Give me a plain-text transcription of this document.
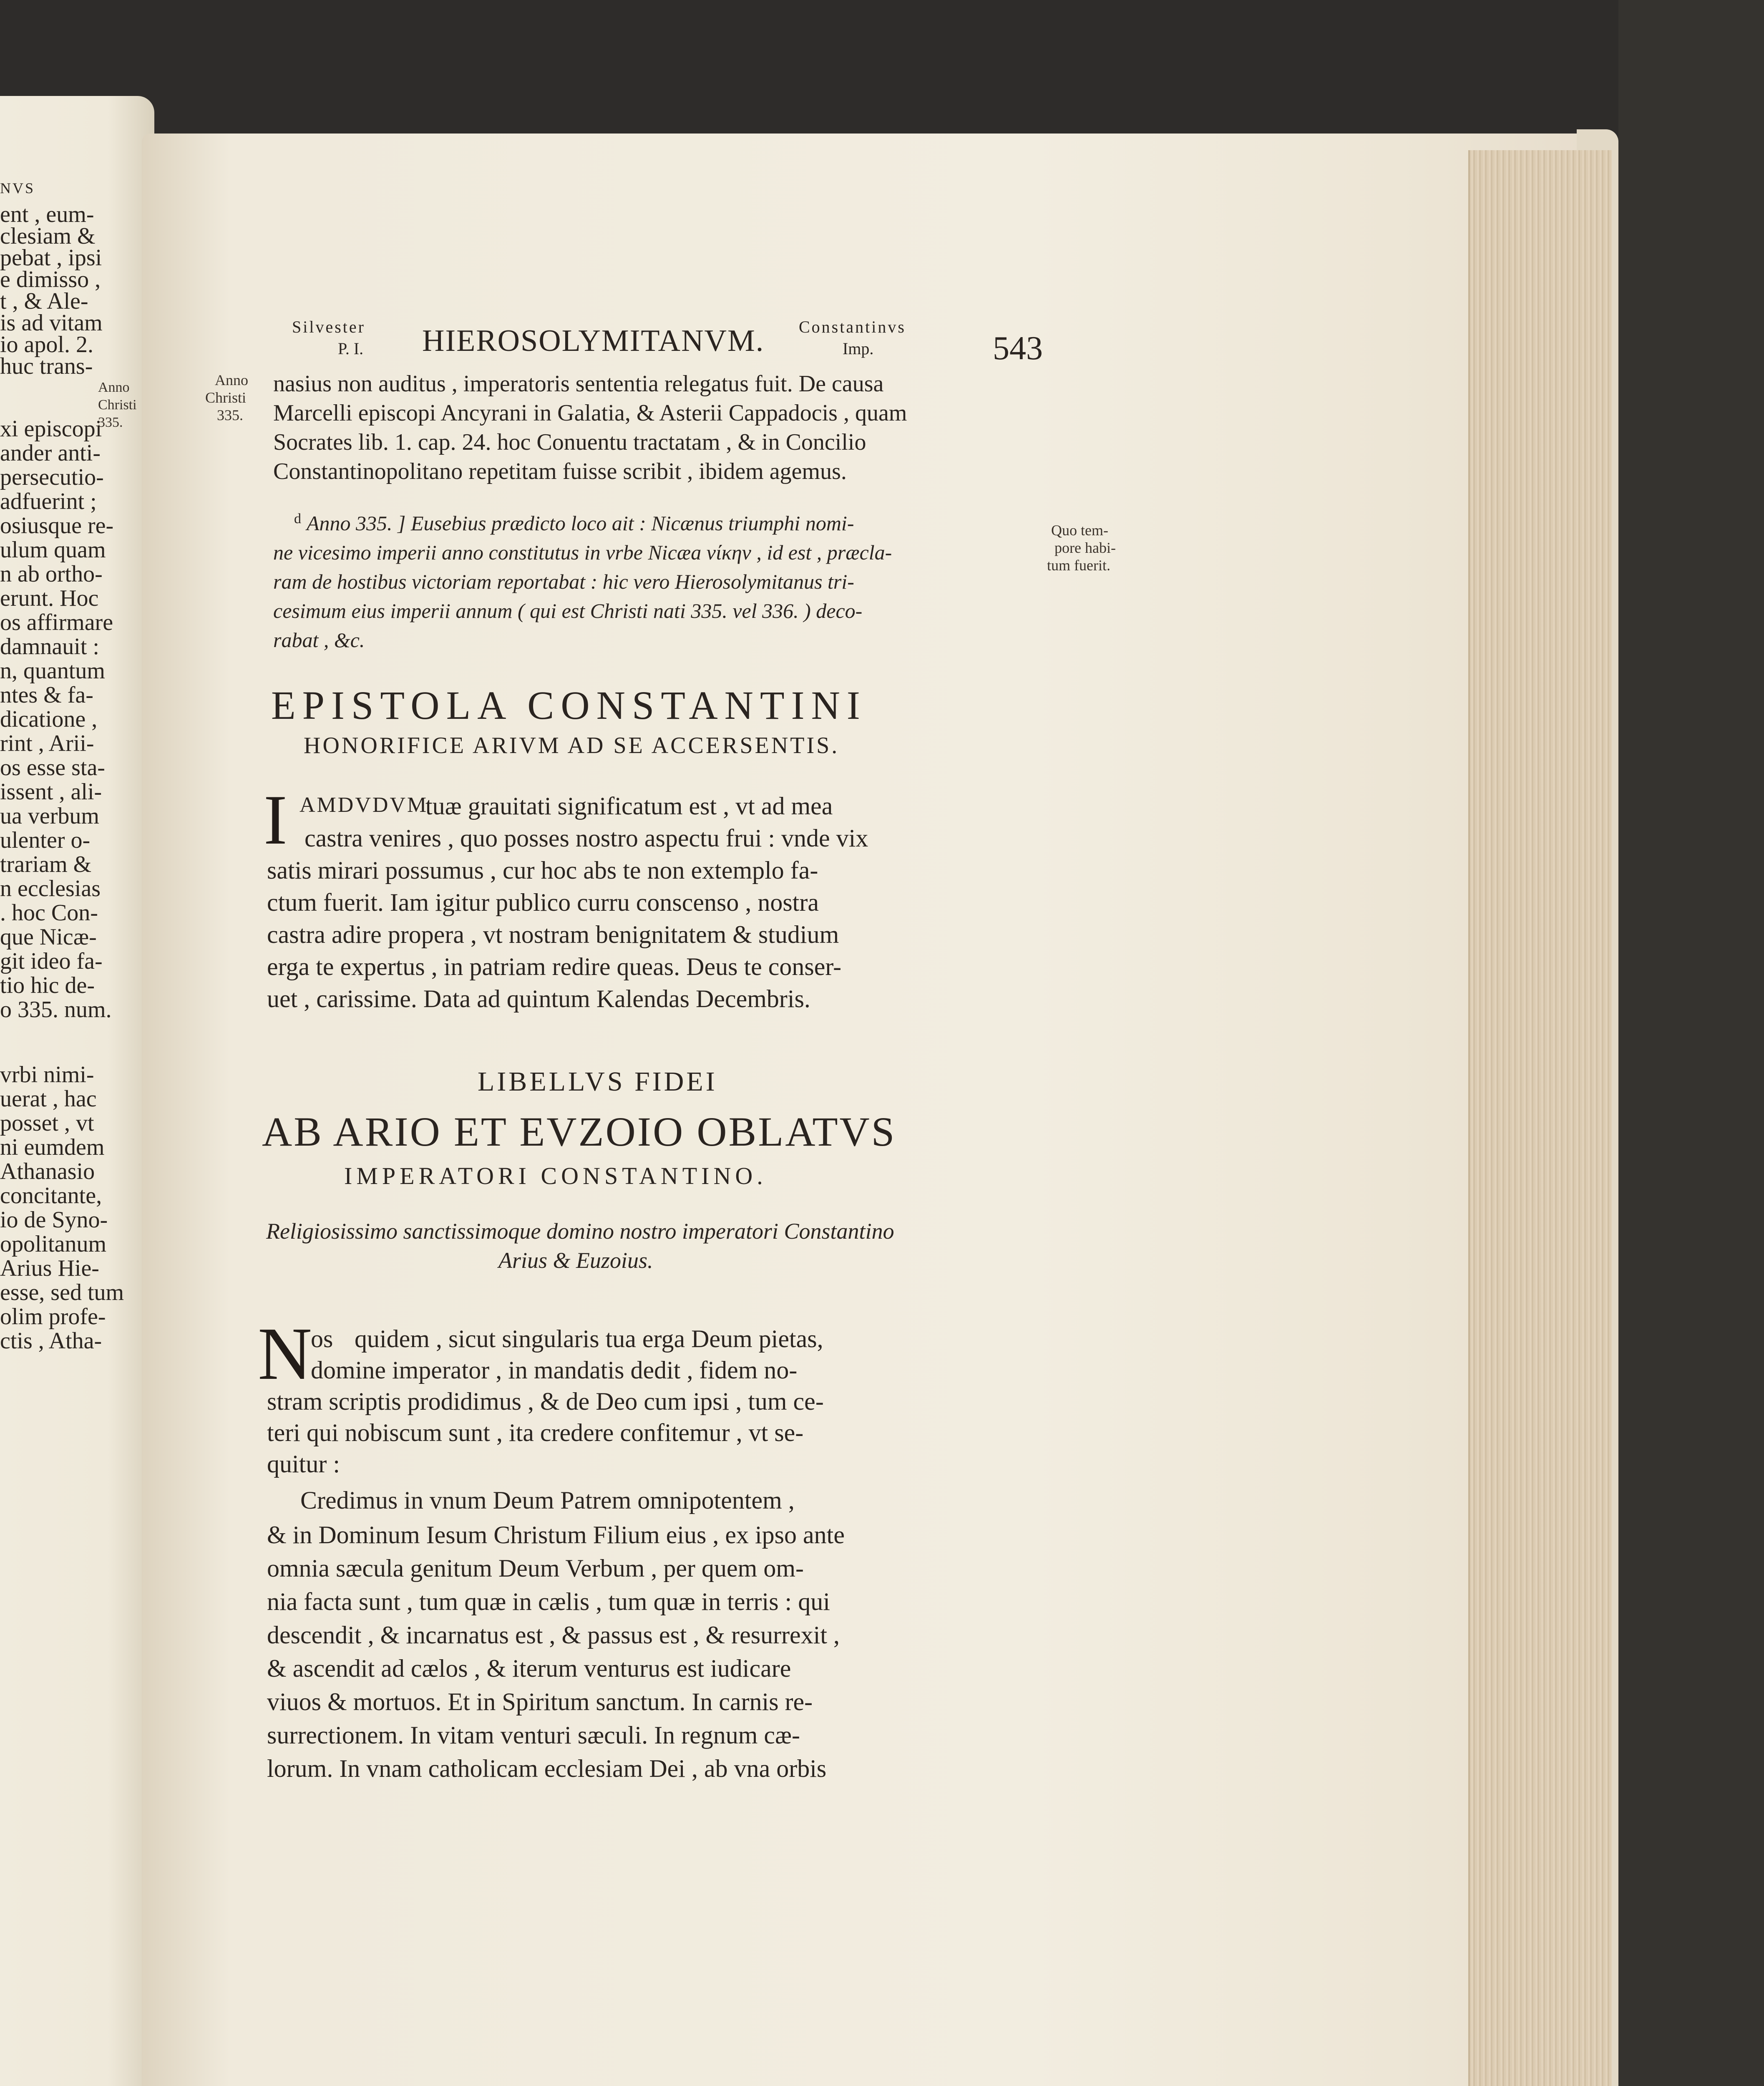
Anno
Christi
335.
NVS
ent , eum-
clesiam &
pebat , ipsi
e dimisso ,
t , & Ale-
is ad vitam
io apol. 2.
huc trans-
xi episcopi
ander anti-
persecutio-
adfuerint ;
osiusque re-
ulum quam
n ab ortho-
erunt. Hoc
os affirmare
damnauit :
n, quantum
ntes & fa-
dicatione ,
rint , Arii-
os esse sta-
issent , ali-
ua verbum
ulenter o-
trariam &
n ecclesias
. hoc Con-
que Nicæ-
git ideo fa-
tio hic de-
o 335. num.
vrbi nimi-
uerat , hac
posset , vt
ni eumdem
Athanasio
concitante,
io de Syno-
opolitanum
Arius Hie-
esse, sed tum
olim profe-
ctis , Atha-
Silvester
P. I. HIEROSOLYMITANVM. Constantinvs
Imp.	543
Anno
Christi
335.
Quo tem-
pore habi-
tum fuerit.
nasius non auditus , imperatoris sententia relegatus fuit. De causa
Marcelli episcopi Ancyrani in Galatia, & Asterii Cappadocis , quam
Socrates lib. 1. cap. 24. hoc Conuentu tractatam , & in Concilio
Constantinopolitano repetitam fuisse scribit , ibidem agemus.
d Anno 335. ] Eusebius prædicto loco ait : Nicænus triumphi nomi-
ne vicesimo imperii anno constitutus in vrbe Nicæa νίκην , id est , præcla-
ram de hostibus victoriam reportabat : hic vero Hierosolymitanus tri-
cesimum eius imperii annum ( qui est Christi nati 335. vel 336. ) deco-
rabat , &c.
EPISTOLA CONSTANTINI
HONORIFICE ARIVM AD SE ACCERSENTIS.
I AMDVDVM
tuæ grauitati significatum est , vt ad mea
castra venires , quo posses nostro aspectu frui : vnde vix
satis mirari possumus , cur hoc abs te non extemplo fa-
ctum fuerit. Iam igitur publico curru conscenso , nostra
castra adire propera , vt nostram benignitatem & studium
erga te expertus , in patriam redire queas. Deus te conser-
uet , carissime. Data ad quintum Kalendas Decembris.
LIBELLVS FIDEI
AB ARIO ET EVZOIO OBLATVS
IMPERATORI CONSTANTINO.
Religiosissimo sanctissimoque domino nostro imperatori Constantino
Arius & Euzoius.
N
os quidem , sicut singularis tua erga Deum pietas,
domine imperator , in mandatis dedit , fidem no-
stram scriptis prodidimus , & de Deo cum ipsi , tum ce-
teri qui nobiscum sunt , ita credere confitemur , vt se-
quitur :
Credimus in vnum Deum Patrem omnipotentem ,
& in Dominum Iesum Christum Filium eius , ex ipso ante
omnia sæcula genitum Deum Verbum , per quem om-
nia facta sunt , tum quæ in cælis , tum quæ in terris : qui
descendit , & incarnatus est , & passus est , & resurrexit ,
& ascendit ad cælos , & iterum venturus est iudicare
viuos & mortuos. Et in Spiritum sanctum. In carnis re-
surrectionem. In vitam venturi sæculi. In regnum cæ-
lorum. In vnam catholicam ecclesiam Dei , ab vna orbis
